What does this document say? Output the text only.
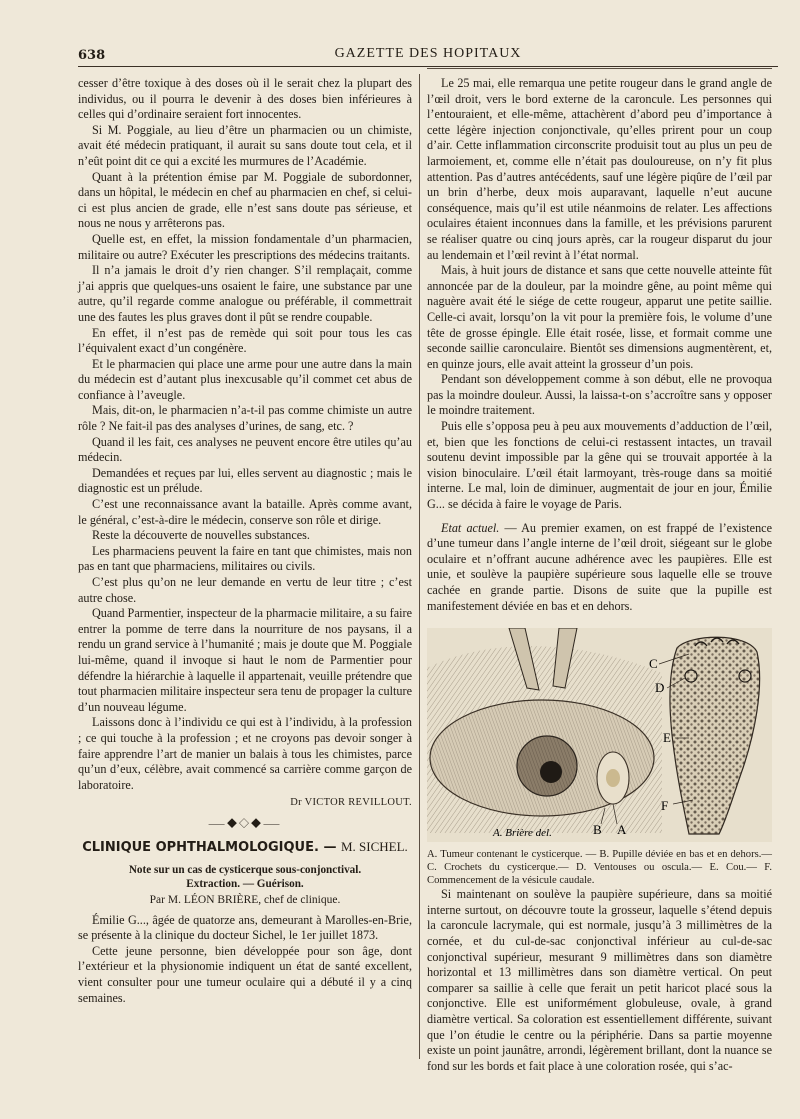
638	GAZETTE DES HOPITAUX

cesser d’être toxique à des doses où il le serait chez la plupart des individus, ou il pourra le devenir à des doses bien inférieures à celles qui d’ordinaire seraient fort innocentes.

Si M. Poggiale, au lieu d’être un pharmacien ou un chimiste, avait été médecin pratiquant, il aurait su sans doute tout cela, et il n’eût point dit ce qui a excité les murmures de l’Académie.

Quant à la prétention émise par M. Poggiale de subordonner, dans un hôpital, le médecin en chef au pharmacien en chef, si celui-ci est plus ancien de grade, elle n’est sans doute pas sérieuse, et nous ne nous y arrêterons pas.

Quelle est, en effet, la mission fondamentale d’un pharmacien, militaire ou autre? Exécuter les prescriptions des médecins traitants.

Il n’a jamais le droit d’y rien changer. S’il remplaçait, comme j’ai appris que quelques-uns osaient le faire, une substance par une autre, qu’il regarde comme analogue ou préférable, il commettrait une des fautes les plus graves dont il pût se rendre coupable.

En effet, il n’est pas de remède qui soit pour tous les cas l’équivalent exact d’un congénère.

Et le pharmacien qui place une arme pour une autre dans la main du médecin est d’autant plus inexcusable qu’il commet cet abus de confiance à l’aveugle.

Mais, dit-on, le pharmacien n’a-t-il pas comme chimiste un autre rôle ? Ne fait-il pas des analyses d’urines, de sang, etc. ?

Quand il les fait, ces analyses ne peuvent encore être utiles qu’au médecin.

Demandées et reçues par lui, elles servent au diagnostic ; mais le diagnostic est un prélude.

C’est une reconnaissance avant la bataille. Après comme avant, le général, c’est-à-dire le médecin, conserve son rôle et dirige.

Reste la découverte de nouvelles substances.

Les pharmaciens peuvent la faire en tant que chimistes, mais non pas en tant que pharmaciens, militaires ou civils.

C’est plus qu’on ne leur demande en vertu de leur titre ; c’est autre chose.

Quand Parmentier, inspecteur de la pharmacie militaire, a su faire entrer la pomme de terre dans la nourriture de nos paysans, il a rendu un grand service à l’humanité ; mais je doute que M. Poggiale lui-même, quand il invoque si haut le nom de Parmentier pour défendre la hiérarchie à laquelle il appartenait, veuille prétendre que tout pharmacien militaire inspecteur sera tenu de propager la culture d’un nouveau légume.

Laissons donc à l’individu ce qui est à l’individu, à la profession ; ce qui touche à la profession ; et ne croyons pas devoir songer à faire apprendre l’art de manier un balais à tous les chimistes, parce qu’un d’eux, célèbre, avait commencé sa carrière comme garçon de laboratoire.

Dr VICTOR REVILLOUT.
⸺◆◇◆⸺
CLINIQUE OPHTHALMOLOGIQUE. — M. SICHEL.
Note sur un cas de cysticerque sous-conjonctival.
Extraction. — Guérison.
Par M. LÉON BRIÈRE, chef de clinique.

Émilie G..., âgée de quatorze ans, demeurant à Marolles-en-Brie, se présente à la clinique du docteur Sichel, le 1er juillet 1873.

Cette jeune personne, bien développée pour son âge, dont l’extérieur et la physionomie indiquent un état de santé excellent, vient consulter pour une tumeur oculaire qui a débuté il y a cinq semaines.

Le 25 mai, elle remarqua une petite rougeur dans le grand angle de l’œil droit, vers le bord externe de la caroncule. Les personnes qui l’entouraient, et elle-même, attachèrent d’abord peu d’importance à cette légère injection conjonctivale, qu’elles prirent pour un coup d’air. Cette inflammation circonscrite produisit tout au plus un peu de larmoiement, et, comme elle n’était pas douloureuse, on n’y fit plus attention. Pas d’autres antécédents, sauf une légère piqûre de l’œil par un brin d’herbe, deux mois auparavant, laquelle n’eut aucune conséquence, mais qu’il est utile néanmoins de relater. Les affections oculaires étaient inconnues dans la famille, et les prévisions parurent se réaliser quatre ou cinq jours après, car la rougeur disparut du jour au lendemain et l’œil revint à l’état normal.

Mais, à huit jours de distance et sans que cette nouvelle atteinte fût annoncée par de la douleur, par la moindre gêne, au point même qui naguère avait été le siége de cette rougeur, apparut une petite saillie. Celle-ci avait, lorsqu’on la vit pour la première fois, le volume d’une tête de grosse épingle. Elle était rosée, lisse, et formait comme une seconde saillie caronculaire. Bientôt ses dimensions augmentèrent, et, en quinze jours, elle avait atteint la grosseur d’un pois.

Pendant son développement comme à son début, elle ne provoqua pas la moindre douleur. Aussi, la laissa-t-on s’accroître sans y opposer le moindre traitement.

Puis elle s’opposa peu à peu aux mouvements d’adduction de l’œil, et, bien que les fonctions de celui-ci restassent intactes, un travail soutenu devint impossible par la gêne qui se trouvait apportée à la vision binoculaire. L’œil était larmoyant, très-rouge dans sa moitié interne. Le mal, loin de diminuer, augmentait de jour en jour, Émilie G... se décida à faire le voyage de Paris.

Etat actuel. — Au premier examen, on est frappé de l’existence d’une tumeur dans l’angle interne de l’œil droit, siégeant sur le globe oculaire et n’offrant aucune adhérence avec les paupières. Elle est unie, et soulève la paupière supérieure sous laquelle elle se trouve cachée en grande partie. Disons de suite que la pupille est manifestement déviée en bas et en dehors.

C
D
E
F
B A
A. Brière del.

A. Tumeur contenant le cysticerque. — B. Pupille déviée en bas et en dehors.— C. Crochets du cysticerque.— D. Ventouses ou oscula.— E. Cou.— F. Commencement de la vésicule caudale.

Si maintenant on soulève la paupière supérieure, dans sa moitié interne surtout, on découvre toute la grosseur, laquelle s’étend depuis la caroncule lacrymale, qui est normale, jusqu’à 3 millimètres de la cornée, et du cul-de-sac conjonctival inférieur au cul-de-sac conjonctival supérieur, mesurant 9 millimètres dans son diamètre horizontal et 13 millimètres dans son diamètre vertical. On peut comparer sa saillie à celle que ferait un petit haricot placé sous la conjonctive. Elle est uniformément globuleuse, ovale, à grand diamètre vertical. Sa coloration est essentiellement différente, suivant que l’on étudie le centre ou la périphérie. Dans sa partie moyenne existe un point jaunâtre, arrondi, légèrement brillant, dont la nuance se fond sur les bords et fait place à une coloration rosée, qui s’ac-
